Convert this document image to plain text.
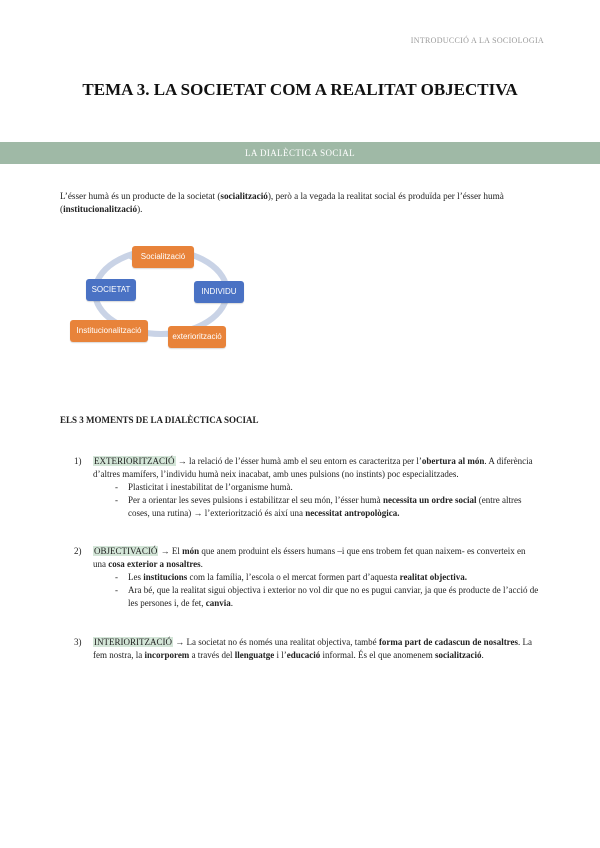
INTRODUCCIÓ A LA SOCIOLOGIA
TEMA 3. LA SOCIETAT COM A REALITAT OBJECTIVA
LA DIALÈCTICA SOCIAL
L’ésser humà és un producte de la societat (socialització), però a la vegada la realitat social és produïda per l’ésser humà (institucionalització).
Socialització
INDIVIDU
exteriorització
Institucionalització
SOCIETAT
ELS 3 MOMENTS DE LA DIALÈCTICA SOCIAL
1) EXTERIORITZACIÓ → la relació de l’ésser humà amb el seu entorn es caracteritza per l’obertura al món. A diferència d’altres mamífers, l’individu humà neix inacabat, amb unes pulsions (no instints) poc especialitzades.
- Plasticitat i inestabilitat de l’organisme humà.
- Per a orientar les seves pulsions i estabilitzar el seu món, l’ésser humà necessita un ordre social (entre altres coses, una rutina) → l’exteriorització és així una necessitat antropològica.
2) OBJECTIVACIÓ → El món que anem produint els éssers humans –i que ens trobem fet quan naixem- es converteix en una cosa exterior a nosaltres.
- Les institucions com la família, l’escola o el mercat formen part d’aquesta realitat objectiva.
- Ara bé, que la realitat sigui objectiva i exterior no vol dir que no es pugui canviar, ja que és producte de l’acció de les persones i, de fet, canvia.
3) INTERIORITZACIÓ → La societat no és només una realitat objectiva, també forma part de cadascun de nosaltres. La fem nostra, la incorporem a través del llenguatge i l’educació informal. És el que anomenem socialització.
